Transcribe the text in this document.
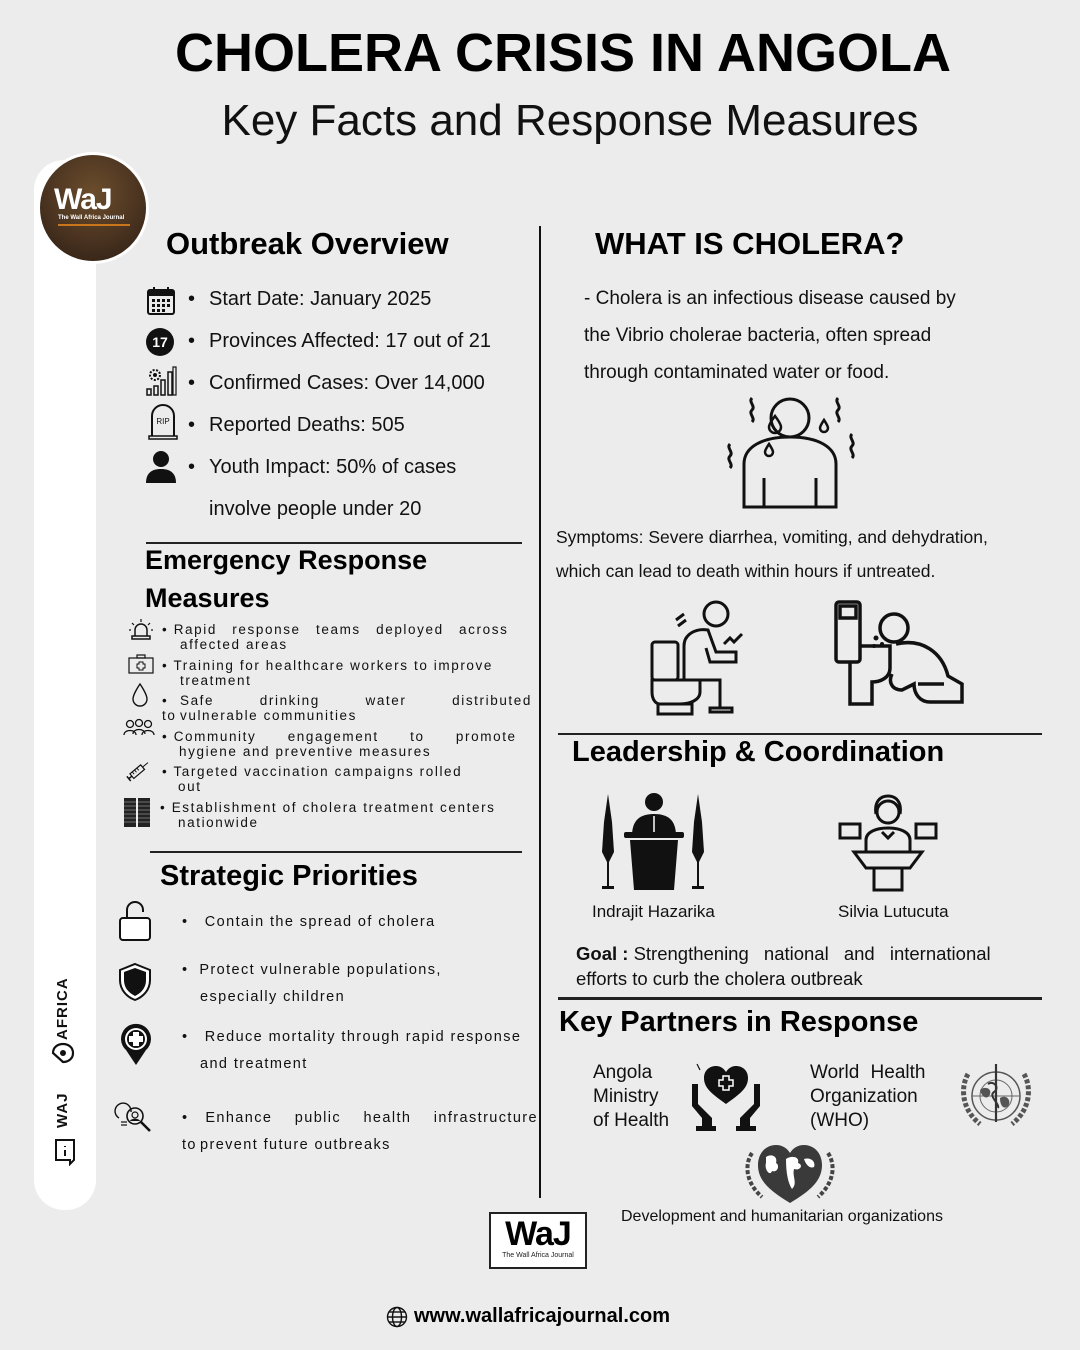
CHOLERA CRISIS IN ANGOLA
Key Facts and Response Measures
WaJ
The Wall Africa Journal
AFRICA
WAJ
Outbreak Overview
• Start Date: January 2025
17	• Provinces Affected: 17 out of 21
• Confirmed Cases: Over 14,000
RIP	• Reported Deaths: 505
• Youth Impact: 50% of cases
involve people under 20
Emergency Response
Measures
• Rapid response teams deployed across
affected areas
• Training for healthcare workers to improve
treatment
• Safe drinking water distributed to vulnerable communities
• Community engagement to promote
hygiene and preventive measures
• Targeted vaccination campaigns rolled
out
• Establishment of cholera treatment centers
nationwide
Strategic Priorities
•   Contain the spread of cholera
•  Protect vulnerable populations,
especially children
•   Reduce mortality through rapid response
and treatment
•  Enhance public health infrastructure to prevent future outbreaks
WHAT IS CHOLERA?
- Cholera is an infectious disease caused by
the Vibrio cholerae bacteria, often spread
through contaminated water or food.
Symptoms: Severe diarrhea, vomiting, and dehydration,
which can lead to death within hours if untreated.
Leadership & Coordination
Indrajit Hazarika	Silvia Lutucuta
Goal : Strengthening national and international
efforts to curb the cholera outbreak
Key Partners in Response
Angola
Ministry
of Health
World Health
Organization
(WHO)
Development and humanitarian organizations
WaJ
The Wall Africa Journal
www.wallafricajournal.com
